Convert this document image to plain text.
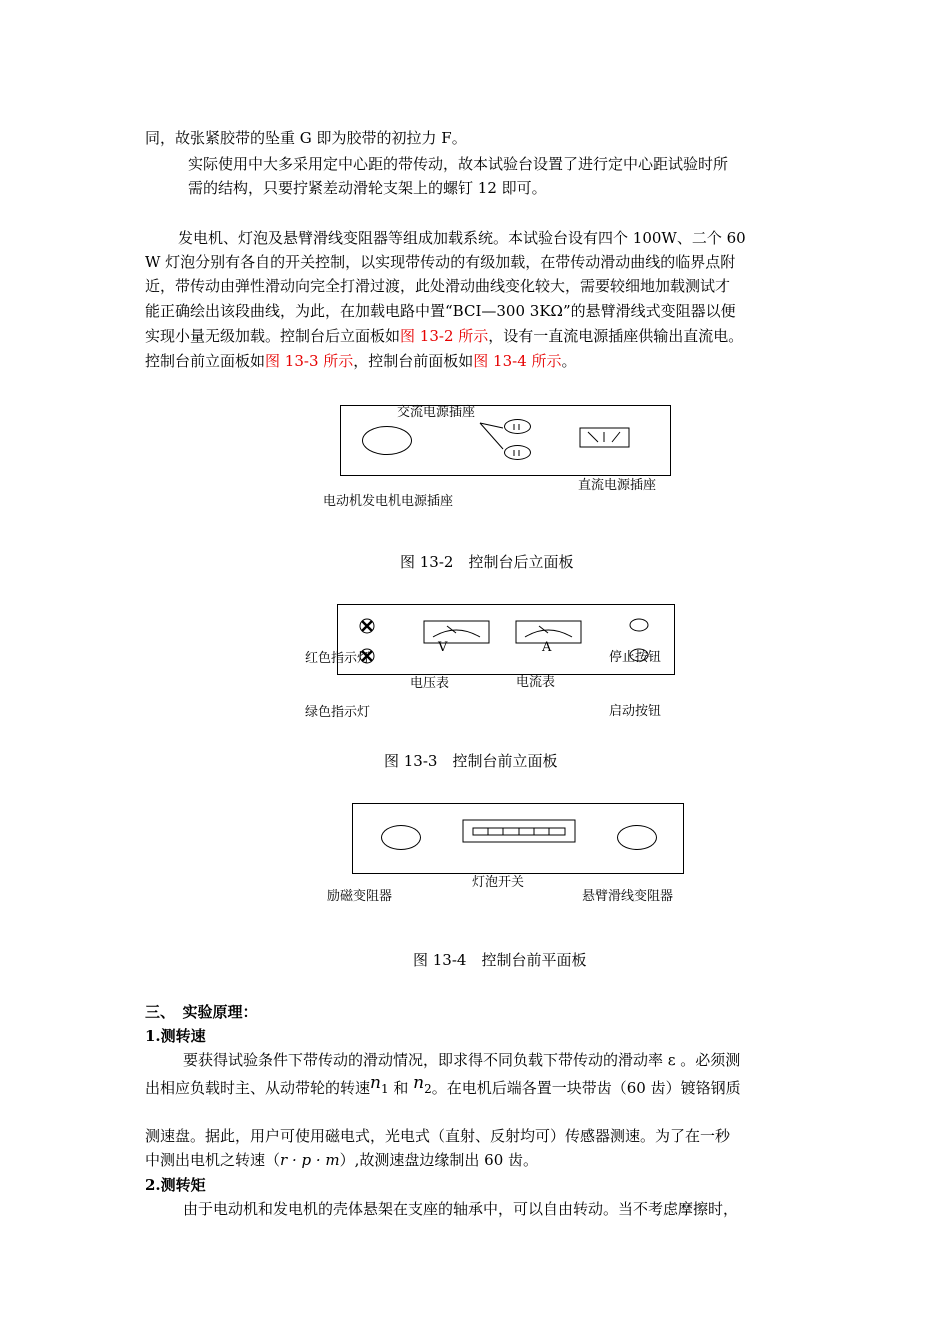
同，故张紧胶带的坠重 G 即为胶带的初拉力 F。
实际使用中大多采用定中心距的带传动，故本试验台设置了进行定中心距试验时所
需的结构，只要拧紧差动滑轮支架上的螺钉 12 即可。
发电机、灯泡及悬臂滑线变阻器等组成加载系统。本试验台设有四个 100W、二个 60
W 灯泡分别有各自的开关控制，以实现带传动的有级加载，在带传动滑动曲线的临界点附
近，带传动由弹性滑动向完全打滑过渡，此处滑动曲线变化较大，需要较细地加载测试才
能正确绘出该段曲线，为此，在加载电路中置“BCI—300 3KΩ”的悬臂滑线式变阻器以便
实现小量无级加载。控制台后立面板如图 13-2 所示，设有一直流电源插座供输出直流电。
控制台前立面板如图 13-3 所示，控制台前面板如图 13-4 所示。
交流电源插座
直流电源插座
电动机发电机电源插座
图 13-2　控制台后立面板
V	A
红色指示灯	停止按钮
电压表	电流表
绿色指示灯	启动按钮
图 13-3　控制台前立面板
灯泡开关
励磁变阻器	悬臂滑线变阻器
图 13-4　控制台前平面板
三、　实验原理：
1.测转速
要获得试验条件下带传动的滑动情况，即求得不同负载下带传动的滑动率 ε 。必须测
出相应负载时主、从动带轮的转速n1 和 n2。在电机后端各置一块带齿（60 齿）镀铬钢质
测速盘。据此，用户可使用磁电式，光电式（直射、反射均可）传感器测速。为了在一秒
中测出电机之转速（r · p · m）,故测速盘边缘制出 60 齿。
2.测转矩
由于电动机和发电机的壳体悬架在支座的轴承中，可以自由转动。当不考虑摩擦时，
